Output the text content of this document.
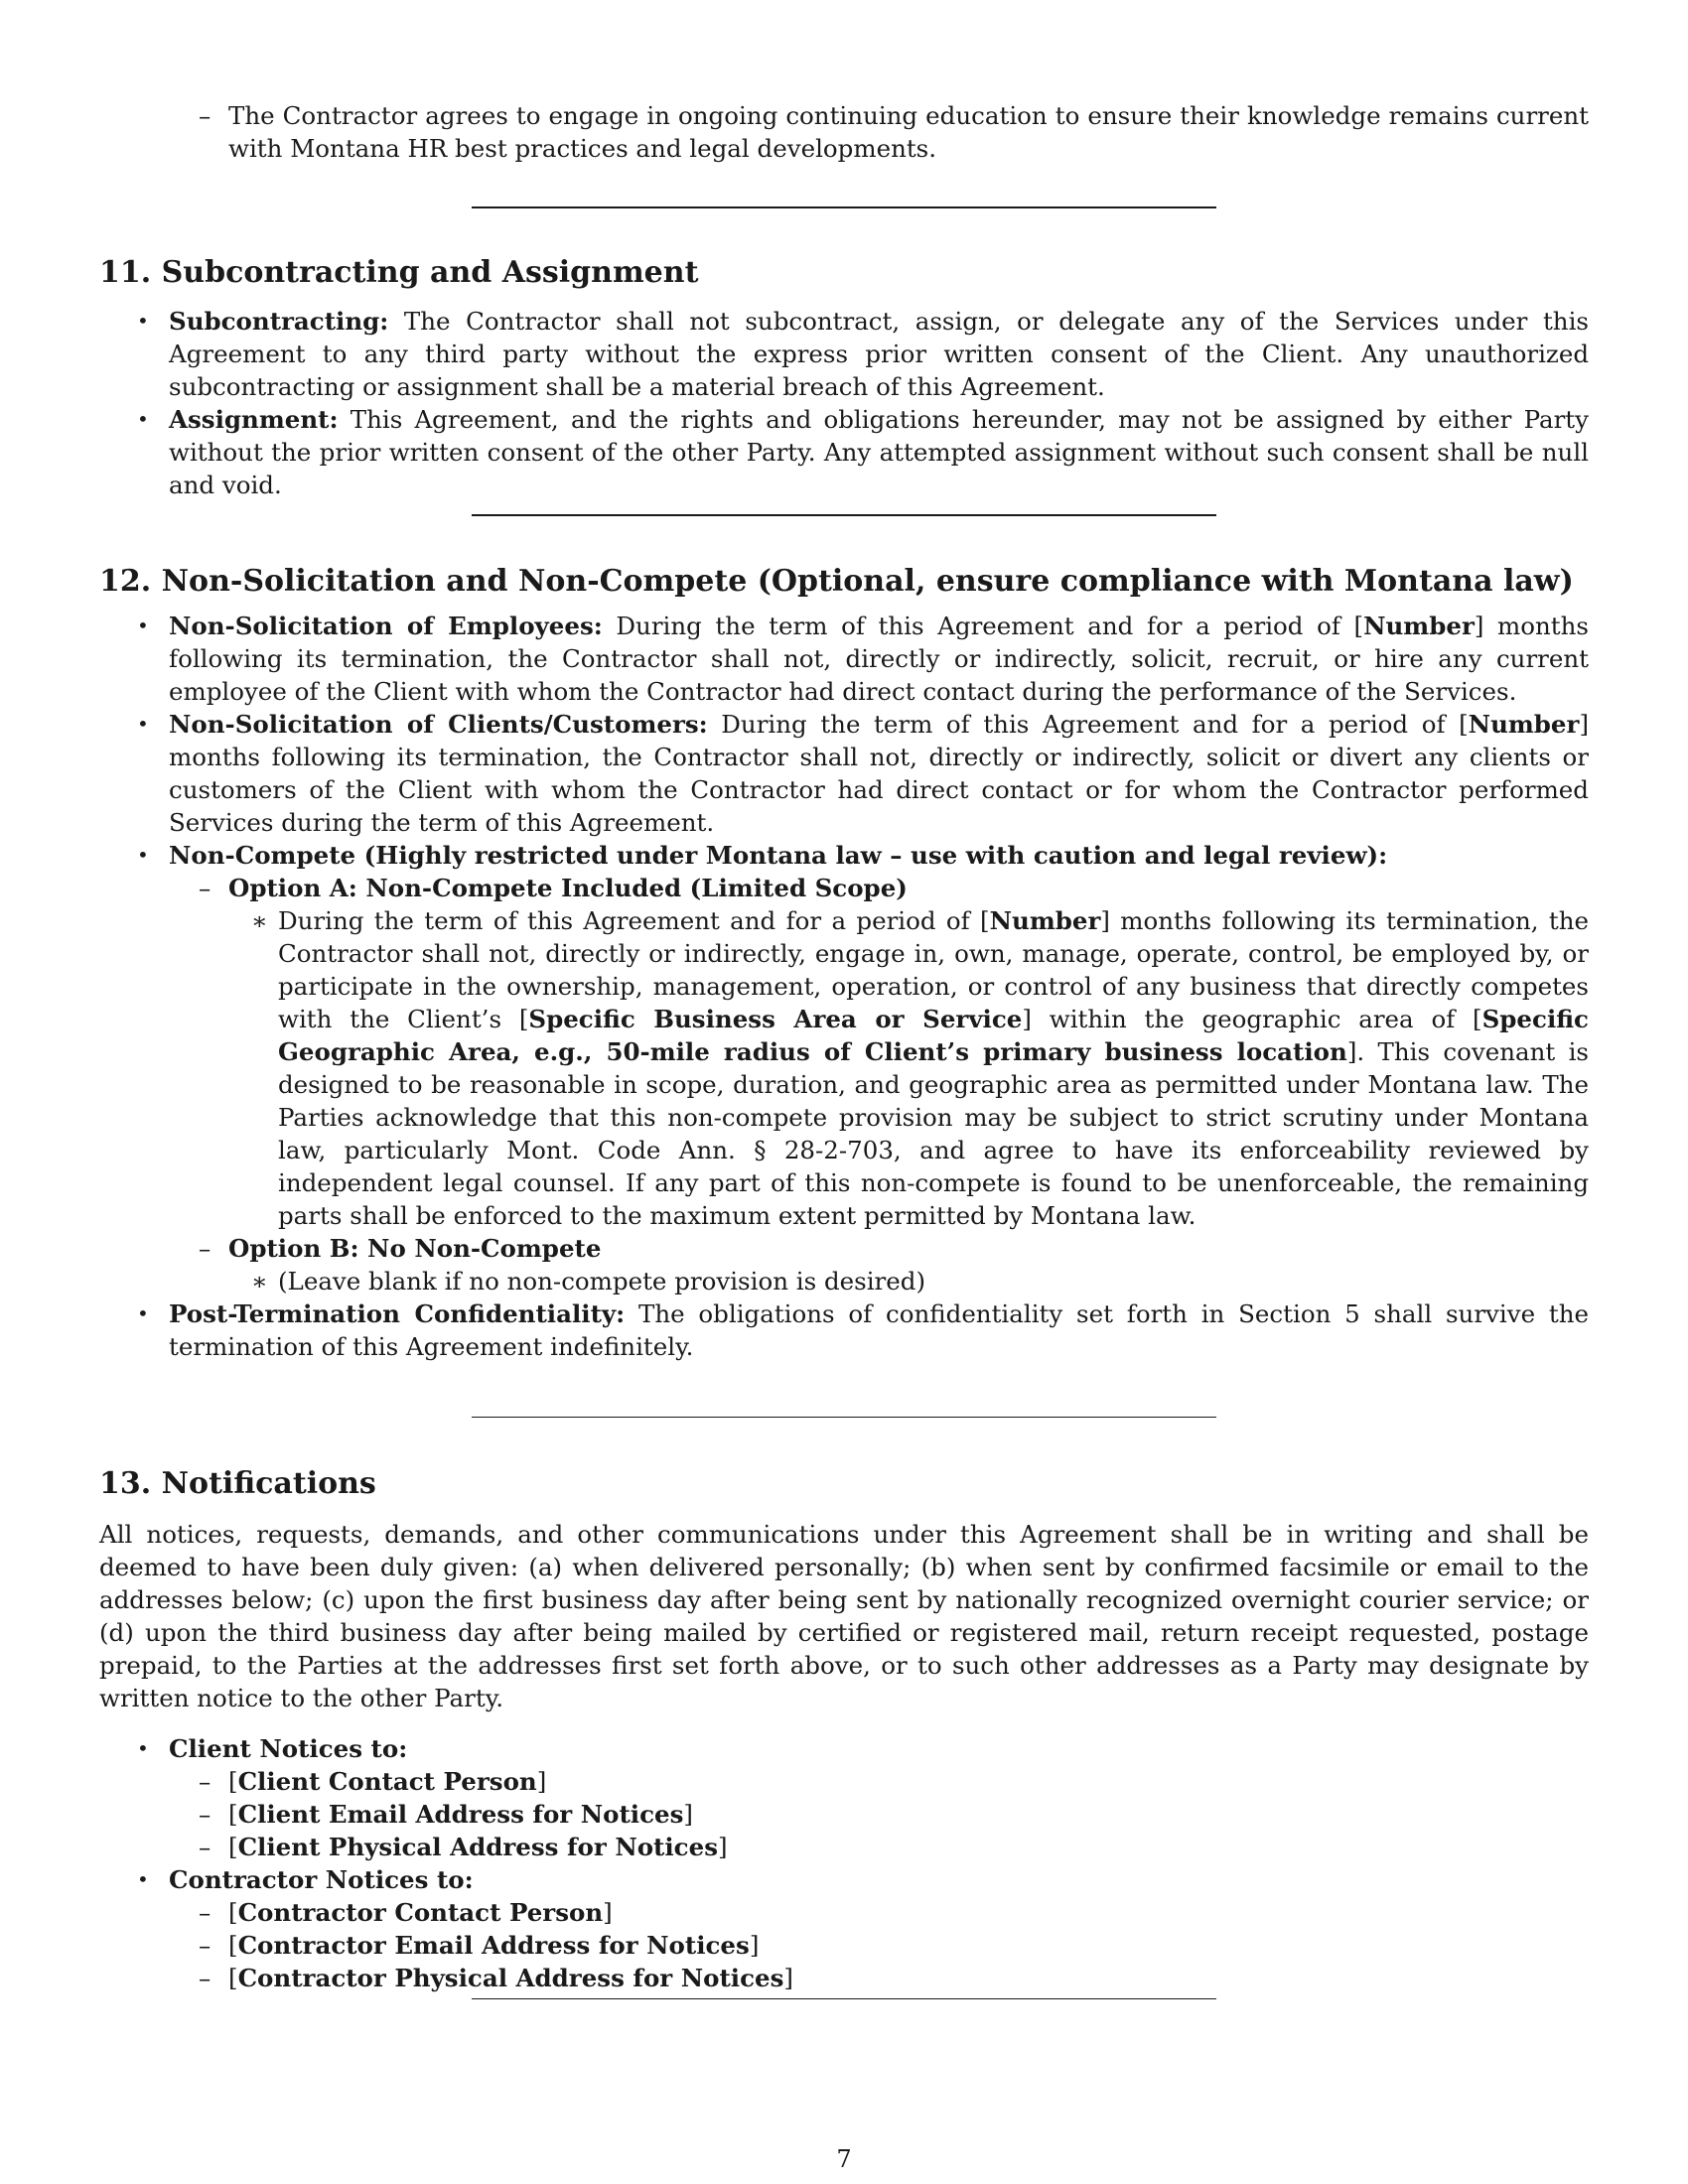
– The Contractor agrees to engage in ongoing continuing education to ensure their knowledge remains current with Montana HR best practices and legal developments.
11. Subcontracting and Assignment
• Subcontracting: The Contractor shall not subcontract, assign, or delegate any of the Services under this Agreement to any third party without the express prior written consent of the Client. Any unauthorized subcontracting or assignment shall be a material breach of this Agreement.
• Assignment: This Agreement, and the rights and obligations hereunder, may not be assigned by either Party without the prior written consent of the other Party. Any attempted assignment without such consent shall be null and void.
12. Non-Solicitation and Non-Compete (Optional, ensure compliance with Montana law)
• Non-Solicitation of Employees: During the term of this Agreement and for a period of [Number] months following its termination, the Contractor shall not, directly or indirectly, solicit, recruit, or hire any current employee of the Client with whom the Contractor had direct contact during the performance of the Services.
• Non-Solicitation of Clients/Customers: During the term of this Agreement and for a period of [Number] months following its termination, the Contractor shall not, directly or indirectly, solicit or divert any clients or customers of the Client with whom the Contractor had direct contact or for whom the Contractor performed Services during the term of this Agreement.
• Non-Compete (Highly restricted under Montana law – use with caution and legal review):
– Option A: Non-Compete Included (Limited Scope)
∗ During the term of this Agreement and for a period of [Number] months following its termination, the Contractor shall not, directly or indirectly, engage in, own, manage, operate, control, be employed by, or participate in the ownership, management, operation, or control of any business that directly competes with the Client’s [Specific Business Area or Service] within the geographic area of [Specific Geographic Area, e.g., 50-mile radius of Client’s primary business location]. This covenant is designed to be reasonable in scope, duration, and geographic area as permitted under Montana law. The Parties acknowledge that this non-compete provision may be subject to strict scrutiny under Montana law, particularly Mont. Code Ann. § 28-2-703, and agree to have its enforceability reviewed by independent legal counsel. If any part of this non-compete is found to be unenforceable, the remaining parts shall be enforced to the maximum extent permitted by Montana law.
– Option B: No Non-Compete
∗ (Leave blank if no non-compete provision is desired)
• Post-Termination Confidentiality: The obligations of confidentiality set forth in Section 5 shall survive the termination of this Agreement indefinitely.
13. Notifications
All notices, requests, demands, and other communications under this Agreement shall be in writing and shall be deemed to have been duly given: (a) when delivered personally; (b) when sent by confirmed facsimile or email to the addresses below; (c) upon the first business day after being sent by nationally recognized overnight courier service; or (d) upon the third business day after being mailed by certified or registered mail, return receipt requested, postage prepaid, to the Parties at the addresses first set forth above, or to such other addresses as a Party may designate by written notice to the other Party.
• Client Notices to:
– [Client Contact Person]
– [Client Email Address for Notices]
– [Client Physical Address for Notices]
• Contractor Notices to:
– [Contractor Contact Person]
– [Contractor Email Address for Notices]
– [Contractor Physical Address for Notices]
7
